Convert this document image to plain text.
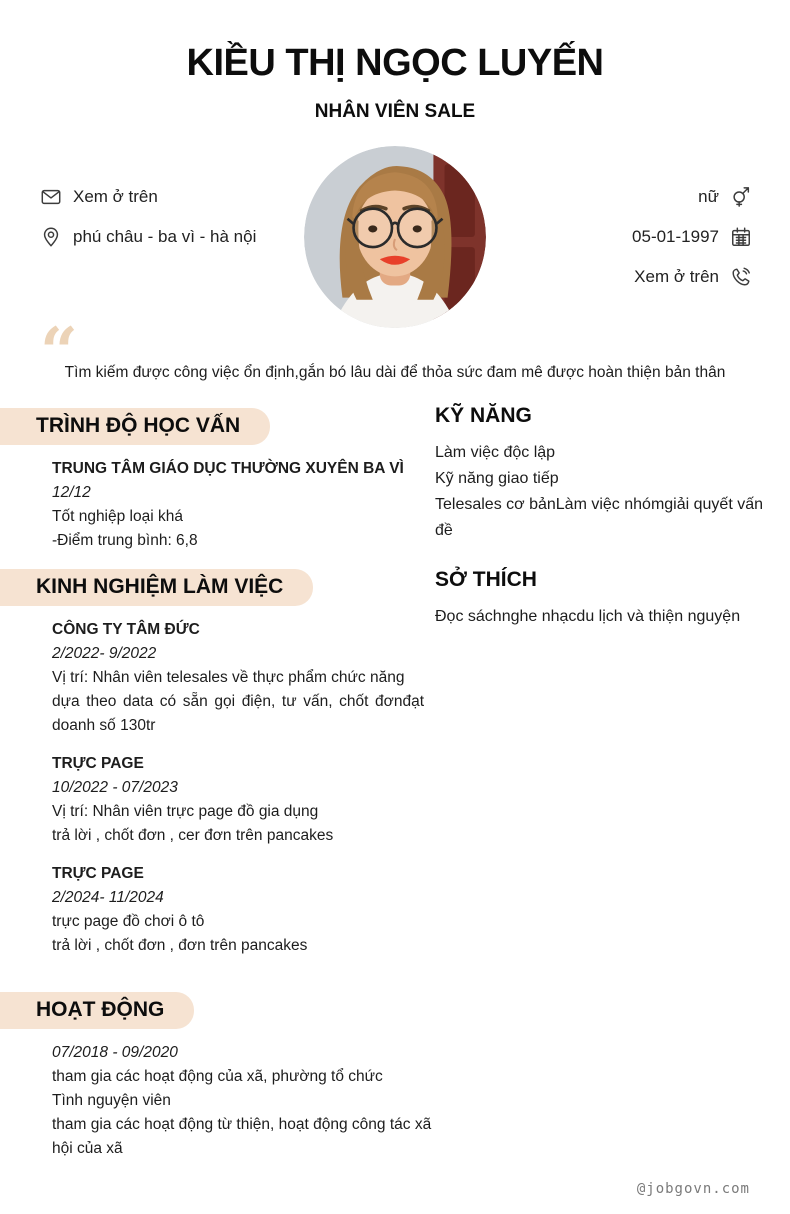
KIỀU THỊ NGỌC LUYẾN
NHÂN VIÊN SALE
Xem ở trên
phú châu - ba vì - hà nội
nữ
05-01-1997
Xem ở trên
“
Tìm kiếm được công việc ổn định,gắn bó lâu dài để thỏa sức đam mê được hoàn thiện bản thân
TRÌNH ĐỘ HỌC VẤN
TRUNG TÂM GIÁO DỤC THƯỜNG XUYÊN BA VÌ
12/12
Tốt nghiệp loại khá
-Điểm trung bình: 6,8
KINH NGHIỆM LÀM VIỆC
CÔNG TY TÂM ĐỨC
2/2022- 9/2022
Vị trí: Nhân viên telesales về thực phẩm chức năng
dựa theo data có sẵn gọi điện, tư vấn, chốt đơnđạt doanh số 130tr
TRỰC PAGE
10/2022 - 07/2023
Vị trí: Nhân viên trực page đồ gia dụng
trả lời , chốt đơn , cer đơn trên pancakes
TRỰC PAGE
2/2024- 11/2024
trực page đồ chơi ô tô
trả lời , chốt đơn , đơn trên pancakes
HOẠT ĐỘNG
07/2018 - 09/2020
tham gia các hoạt động của xã, phường tổ chức
Tình nguyện viên
tham gia các hoạt động từ thiện, hoạt động công tác xã hội của xã
KỸ NĂNG
Làm việc độc lập
Kỹ năng giao tiếp
Telesales cơ bảnLàm việc nhómgiải quyết vấn đề
SỞ THÍCH
Đọc sáchnghe nhạcdu lịch và thiện nguyện
@jobgovn.com
